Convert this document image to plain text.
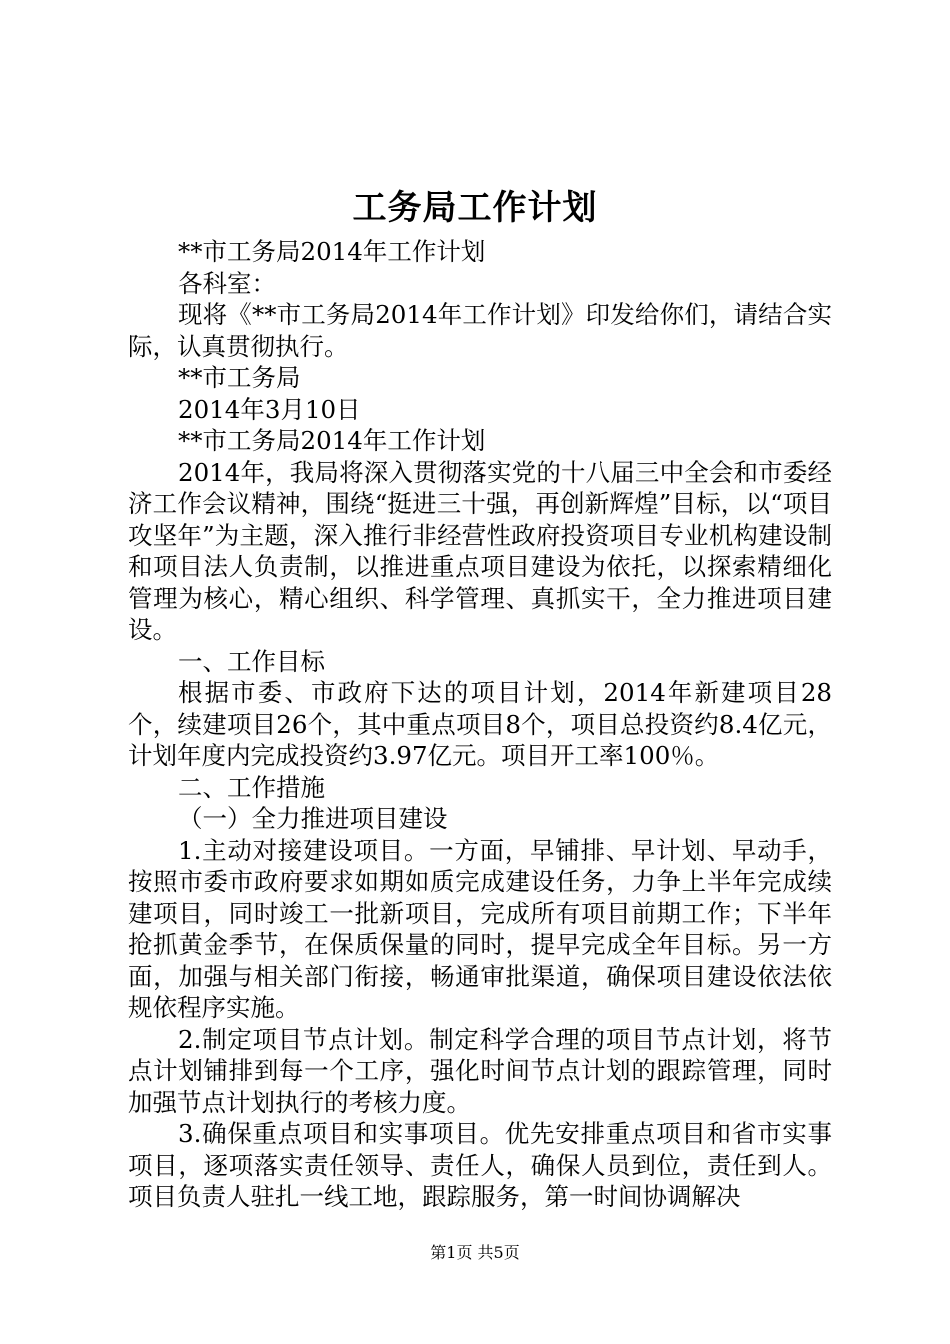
工务局工作计划

**市工务局2014年工作计划

各科室：

现将《**市工务局2014年工作计划》印发给你们，请结合实际，认真贯彻执行。

**市工务局

2014年3月10日

**市工务局2014年工作计划

2014年，我局将深入贯彻落实党的十八届三中全会和市委经济工作会议精神，围绕“挺进三十强，再创新辉煌”目标，以“项目攻坚年”为主题，深入推行非经营性政府投资项目专业机构建设制和项目法人负责制，以推进重点项目建设为依托，以探索精细化管理为核心，精心组织、科学管理、真抓实干，全力推进项目建设。

一、工作目标

根据市委、市政府下达的项目计划，2014年新建项目28个，续建项目26个，其中重点项目8个，项目总投资约8.4亿元，计划年度内完成投资约3.97亿元。项目开工率100％。

二、工作措施

（一）全力推进项目建设

1.主动对接建设项目。一方面，早铺排、早计划、早动手，按照市委市政府要求如期如质完成建设任务，力争上半年完成续建项目，同时竣工一批新项目，完成所有项目前期工作；下半年抢抓黄金季节，在保质保量的同时，提早完成全年目标。另一方面，加强与相关部门衔接，畅通审批渠道，确保项目建设依法依规依程序实施。

2.制定项目节点计划。制定科学合理的项目节点计划，将节点计划铺排到每一个工序，强化时间节点计划的跟踪管理，同时加强节点计划执行的考核力度。

3.确保重点项目和实事项目。优先安排重点项目和省市实事项目，逐项落实责任领导、责任人，确保人员到位，责任到人。项目负责人驻扎一线工地，跟踪服务，第一时间协调解决

第1页 共5页
